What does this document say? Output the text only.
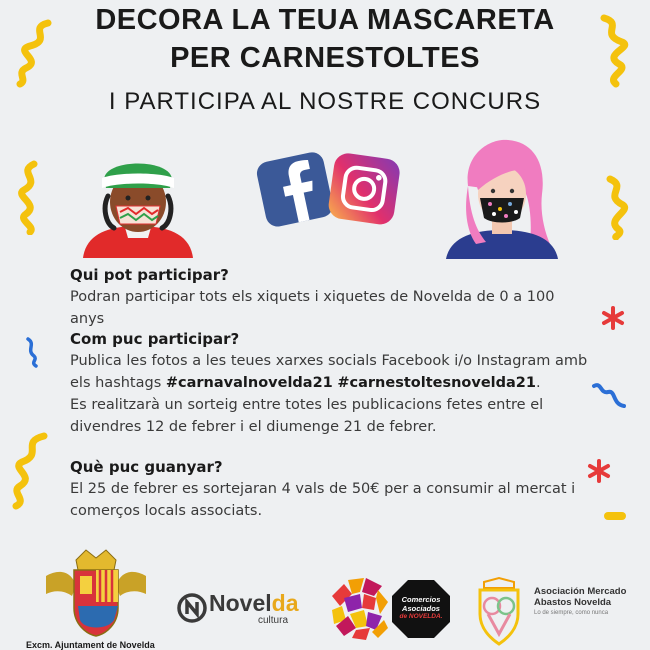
DECORA LA TEUA MASCARETA
PER CARNESTOLTES
I PARTICIPA AL NOSTRE CONCURS
Qui pot participar?
Podran participar tots els xiquets i xiquetes de Novelda de 0 a 100 anys
Com puc participar?
Publica les fotos a les teues xarxes socials Facebook i/o Instagram amb els hashtags #carnavalnovelda21 #carnestoltesnovelda21.
Es realitzarà un sorteig entre totes les publicacions fetes entre el divendres 12 de febrer i el diumenge 21 de febrer.
Què puc guanyar?
El 25 de febrer es sortejaran 4 vals de 50€ per a consumir al mercat i comerços locals associats.
Excm. Ajuntament de Novelda
Novelda
cultura
Comercios
Asociados
de NOVELDA.
Asociación Mercado
Abastos Novelda
Lo de siempre, como nunca
